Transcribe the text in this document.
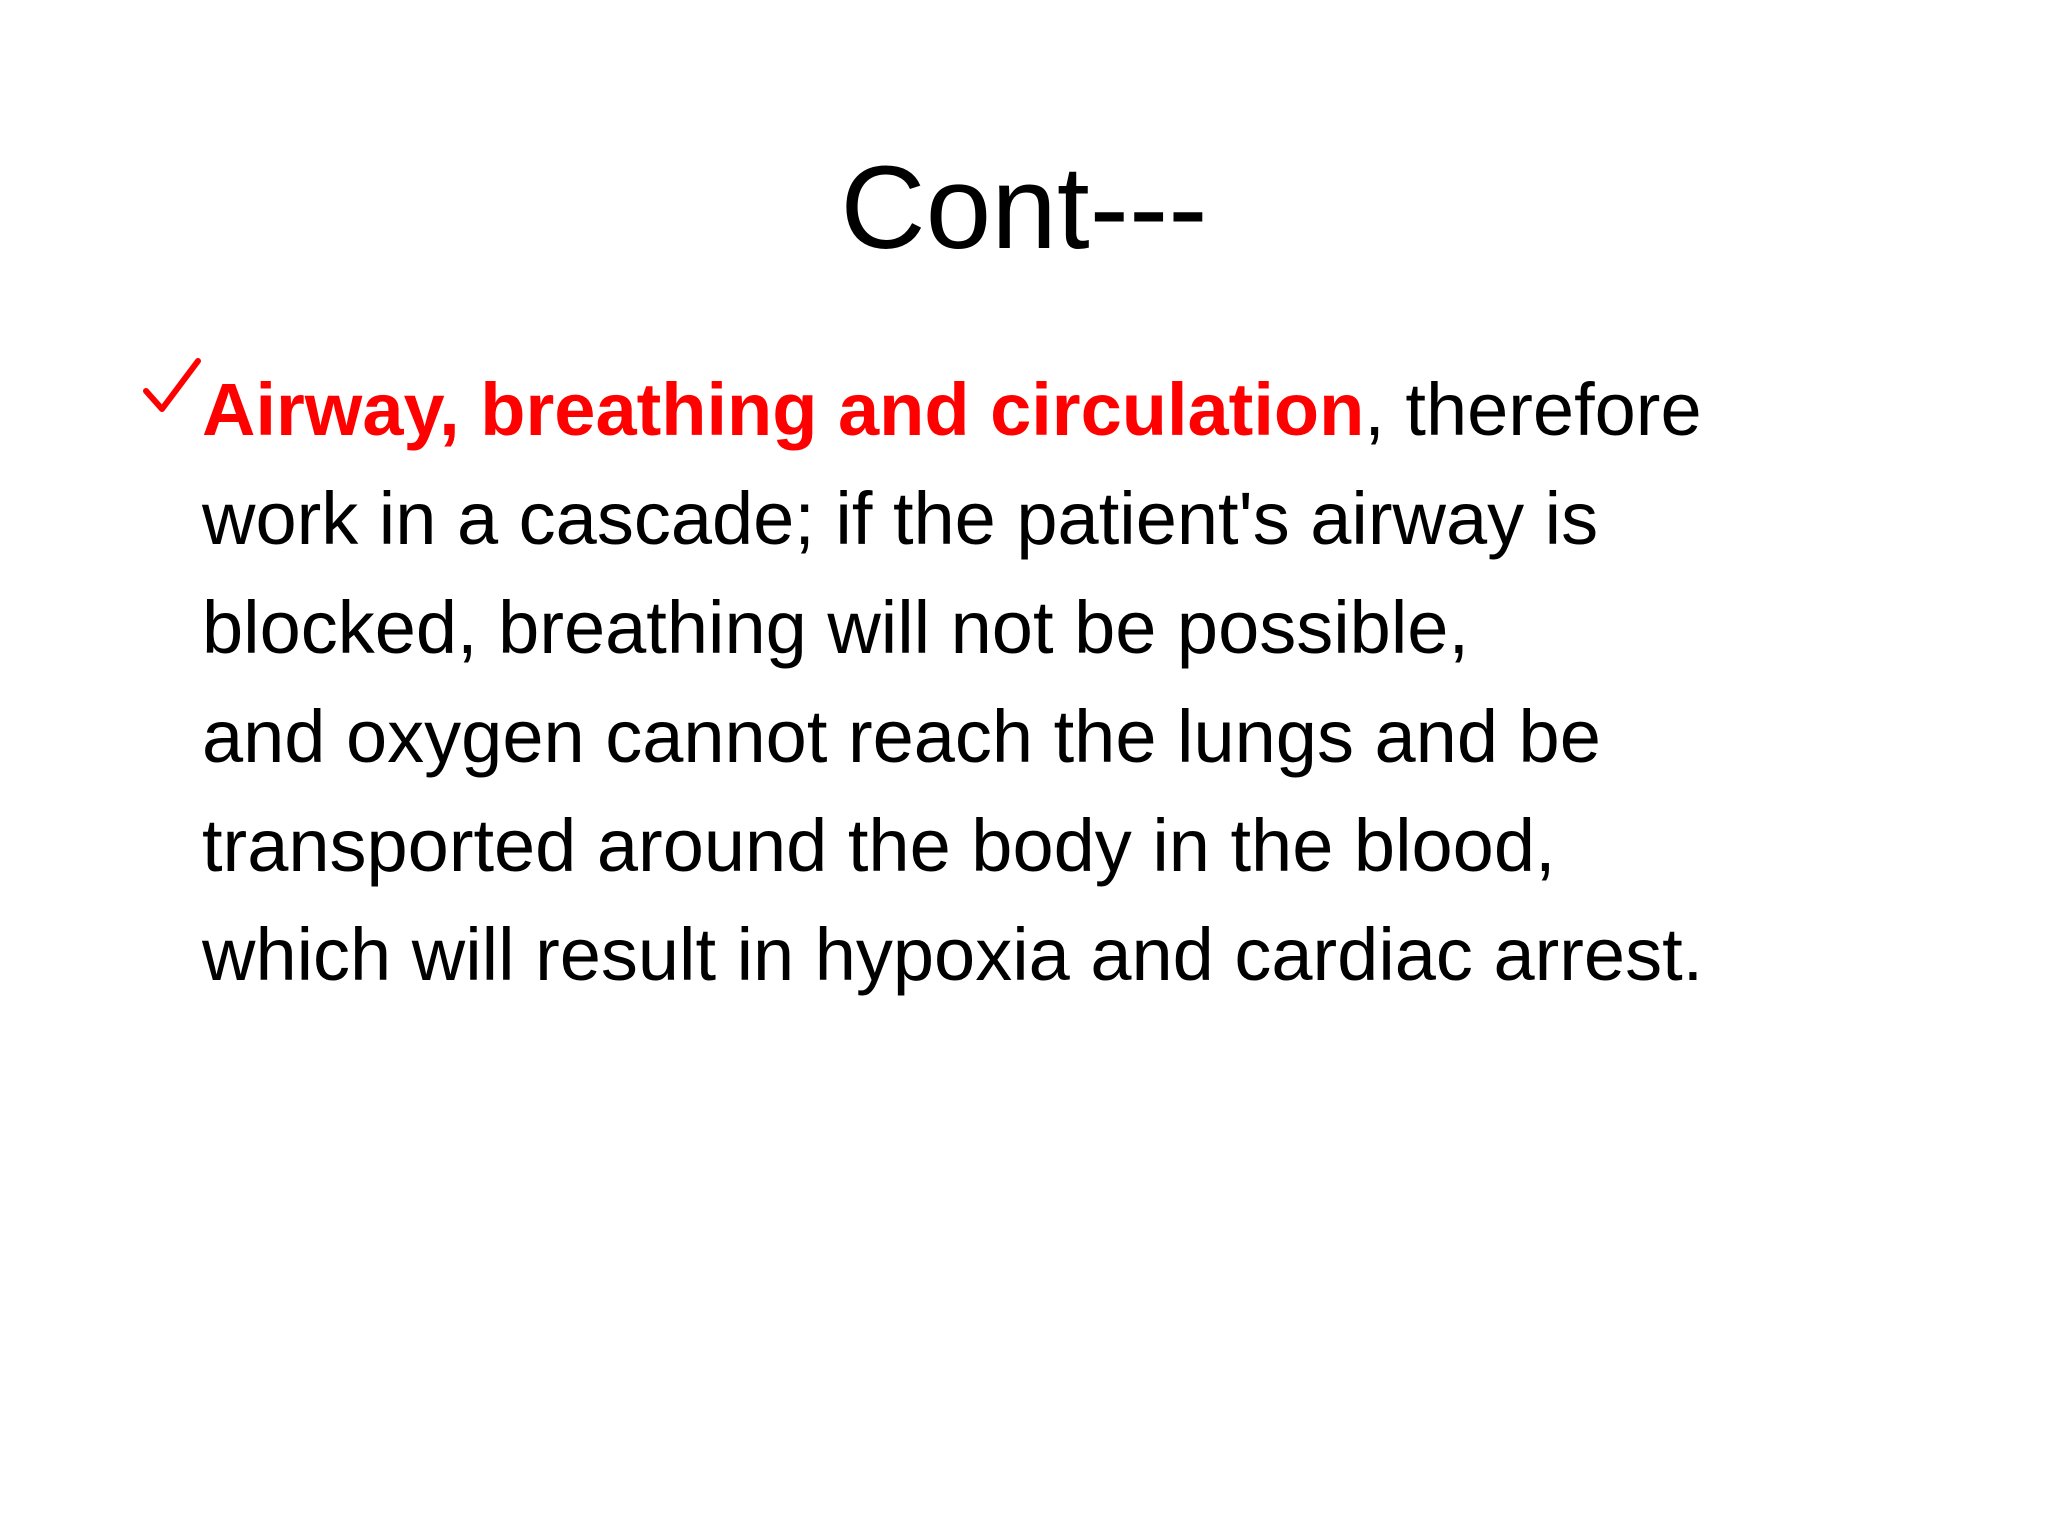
Cont---
Airway, breathing and circulation, therefore
work in a cascade; if the patient's airway is
blocked, breathing will not be possible,
and oxygen cannot reach the lungs and be
transported around the body in the blood,
which will result in hypoxia and cardiac arrest.
